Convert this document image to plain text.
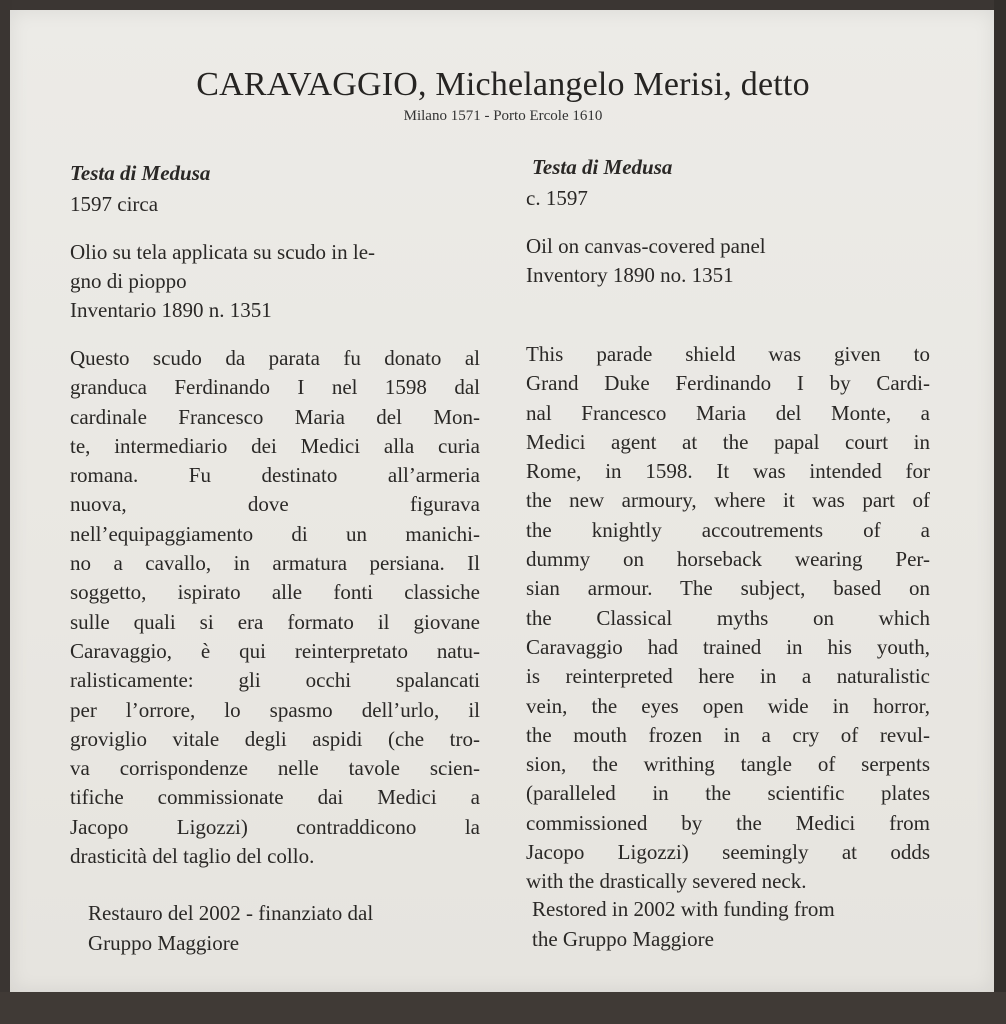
CARAVAGGIO, Michelangelo Merisi, detto
Milano 1571 - Porto Ercole 1610
Testa di Medusa
1597 circa
Olio su tela applicata su scudo in le-
gno di pioppo
Inventario 1890 n. 1351
Questo scudo da parata fu donato al
granduca Ferdinando I nel 1598 dal
cardinale Francesco Maria del Mon-
te, intermediario dei Medici alla curia
romana. Fu destinato all’armeria
nuova, dove figurava
nell’equipaggiamento di un manichi-
no a cavallo, in armatura persiana. Il
soggetto, ispirato alle fonti classiche
sulle quali si era formato il giovane
Caravaggio, è qui reinterpretato natu-
ralisticamente: gli occhi spalancati
per l’orrore, lo spasmo dell’urlo, il
groviglio vitale degli aspidi (che tro-
va corrispondenze nelle tavole scien-
tifiche commissionate dai Medici a
Jacopo Ligozzi) contraddicono la
drasticità del taglio del collo.
Restauro del 2002 - finanziato dal
Gruppo Maggiore
Testa di Medusa
c. 1597
Oil on canvas-covered panel
Inventory 1890 no. 1351
This parade shield was given to
Grand Duke Ferdinando I by Cardi-
nal Francesco Maria del Monte, a
Medici agent at the papal court in
Rome, in 1598. It was intended for
the new armoury, where it was part of
the knightly accoutrements of a
dummy on horseback wearing Per-
sian armour. The subject, based on
the Classical myths on which
Caravaggio had trained in his youth,
is reinterpreted here in a naturalistic
vein, the eyes open wide in horror,
the mouth frozen in a cry of revul-
sion, the writhing tangle of serpents
(paralleled in the scientific plates
commissioned by the Medici from
Jacopo Ligozzi) seemingly at odds
with the drastically severed neck.
Restored in 2002 with funding from
the Gruppo Maggiore
